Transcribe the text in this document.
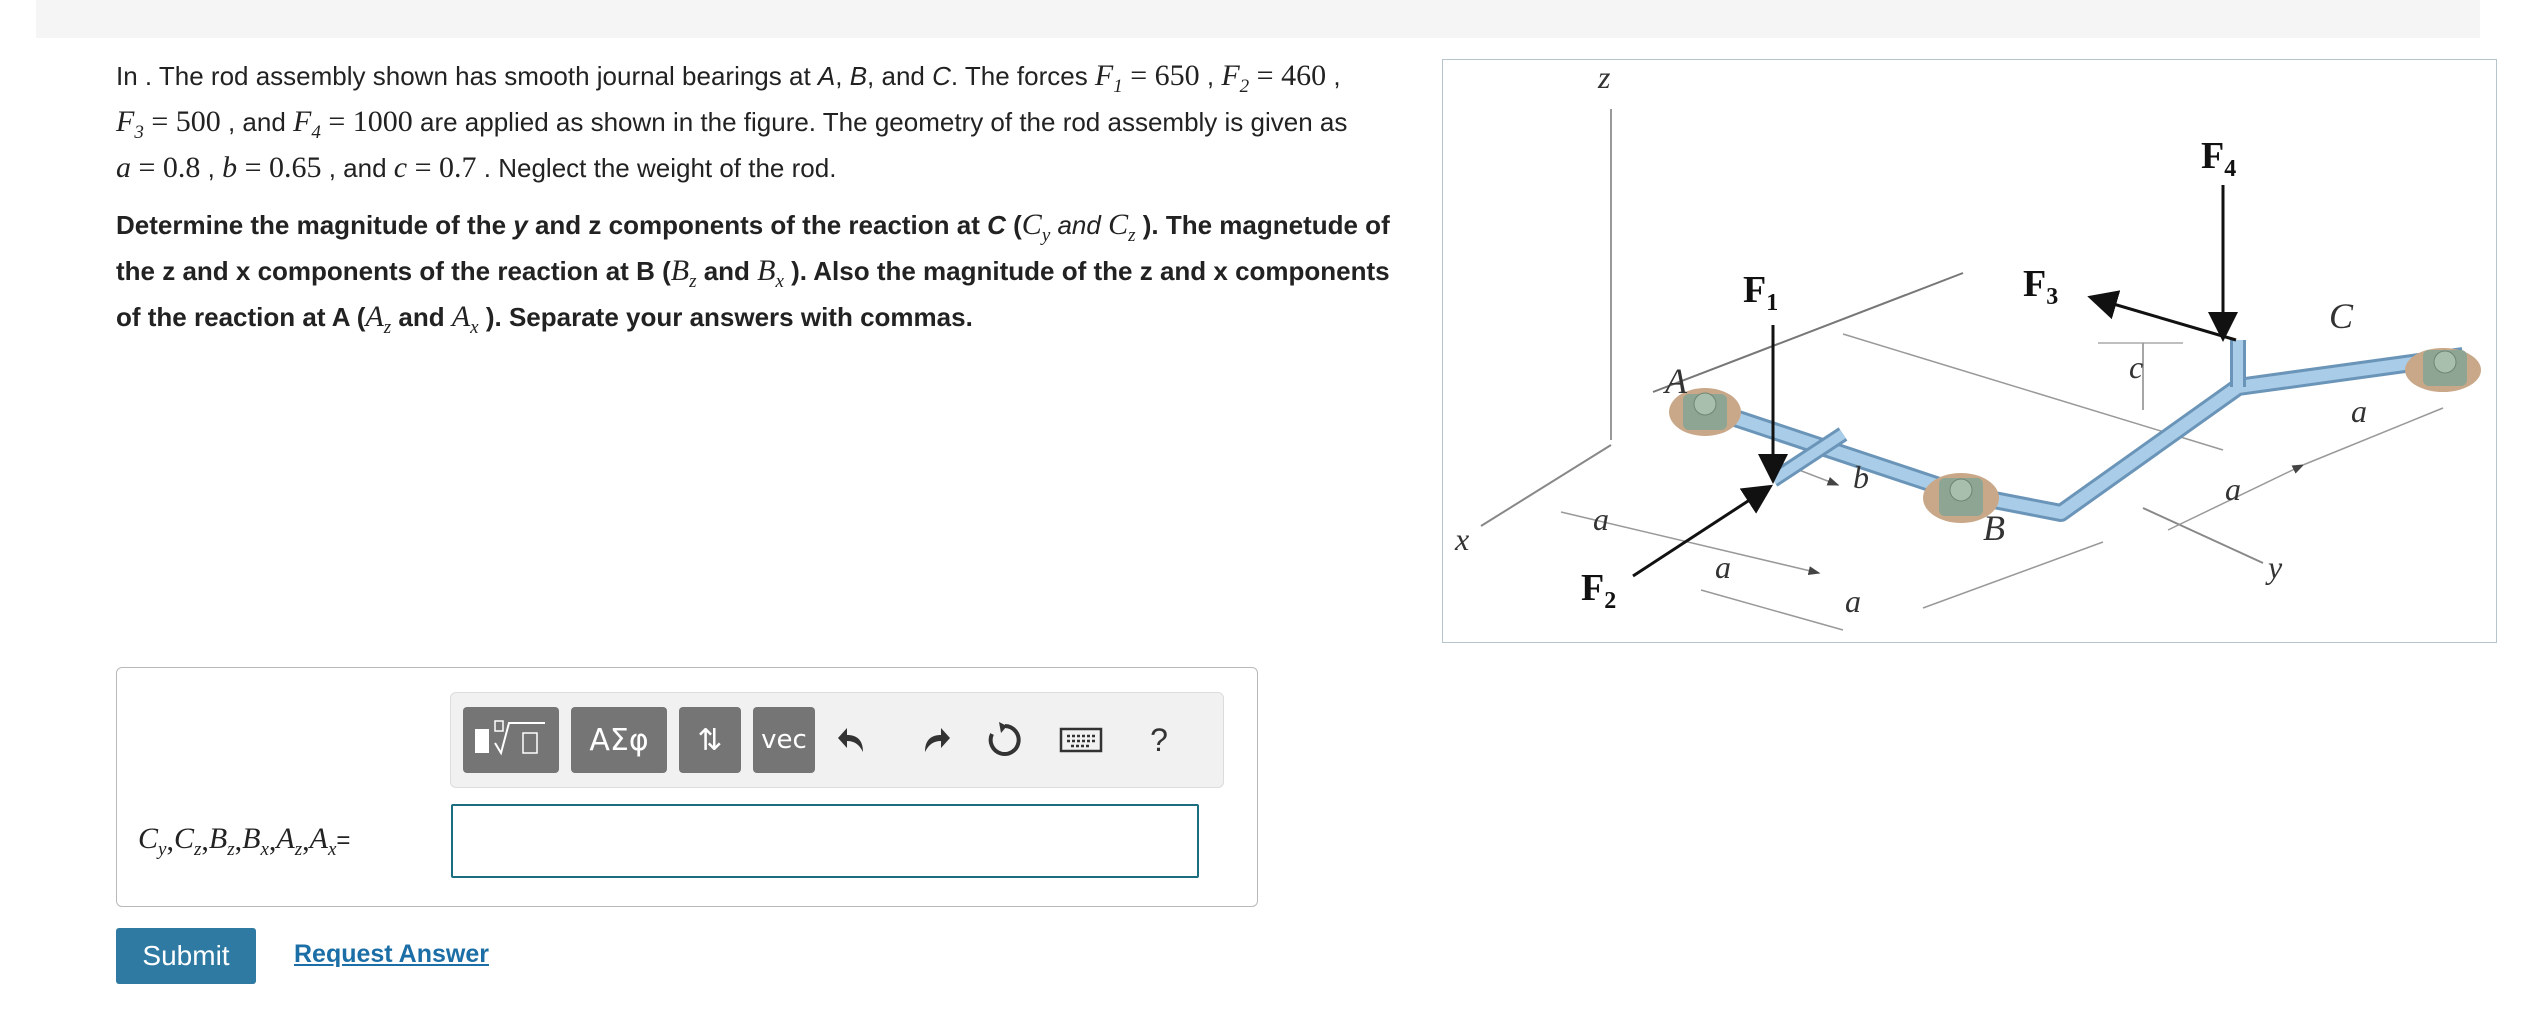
In . The rod assembly shown has smooth journal bearings at A, B, and C. The forces $F_1 = 650$ , $F_2 = 460$ ,
$F_3 = 500$ , and $F_4 = 1000$ are applied as shown in the figure. The geometry of the rod assembly is given as
a = 0.8 , b = 0.65 , and c = 0.7 . Neglect the weight of the rod.

Determine the magnitude of the y and z components of the reaction at C ($C_y$ and $C_z$ ). The magnetude of the z and x components of the reaction at B ($B_z$ and $B_x$ ). Also the magnitude of the z and x components of the reaction at A ($A_z$ and $A_x$ ). Separate your answers with commas.

z
x
y
$F_1$
$F_2$
$F_3$
$F_4$
A
B
C
a
a
a
a
a
b
c
ΑΣφ	⇅	vec	?
$C_y$ , $C_z$ , $B_z$ , $B_x$ , $A_z$ , $A_x$ =
Submit	Request Answer
